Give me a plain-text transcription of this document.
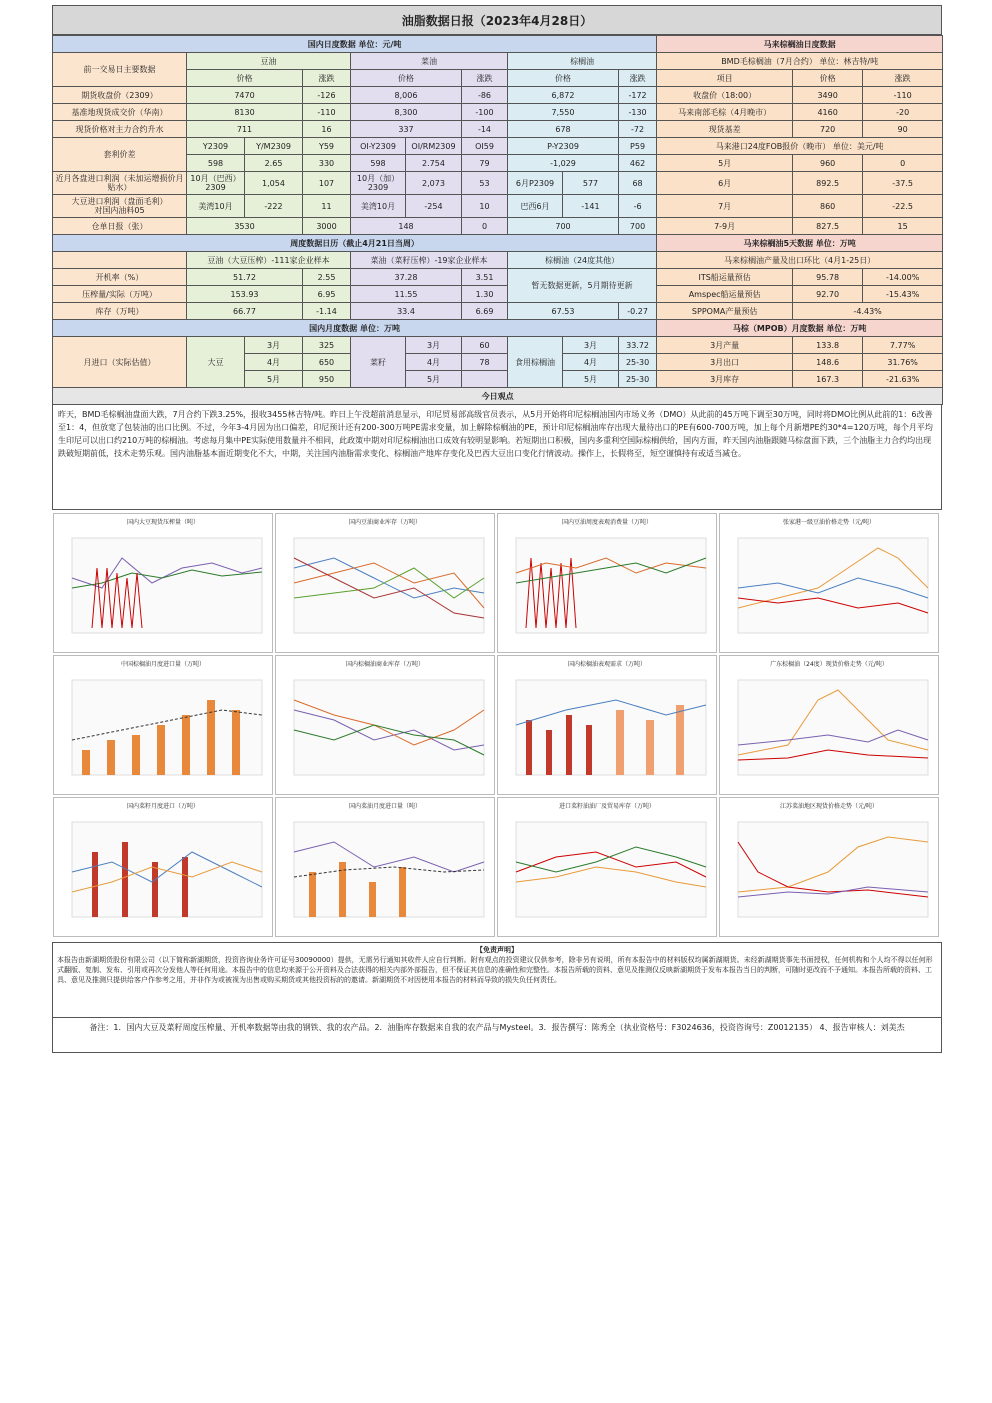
油脂数据日报（2023年4月28日）
国内日度数据 单位：元/吨										马来棕榈油日度数据		
前一交易日主要数据	豆油			菜油			棕榈油			BMD毛棕榈油（7月合约） 单位：林吉特/吨		
	价格		涨跌	价格		涨跌	价格		涨跌	项目	价格	涨跌
期货收盘价（2309）	7470		-126	8,006		-86	6,872		-172	收盘价（18:00）	3490	-110
基准地现货成交价（华南）	8130		-110	8,300		-100	7,550		-130	马来南部毛棕（4月晚市）	4160	-20
现货价格对主力合约升水	711		16	337		-14	678		-72	现货基差	720	90
套利价差	Y2309	Y/M2309	Y59	OI-Y2309	OI/RM2309	OI59	P-Y2309		P59	马来港口24度FOB报价（晚市） 单位：美元/吨		
	598	2.65	330	598	2.754	79	-1,029		462	5月	960	0
近月各盘进口利润（未加运增损价月贴水）	10月（巴西）2309	1,054	107	10月（加）2309	2,073	53	6月P2309	577	68	6月	892.5	-37.5
大豆进口利润（盘面毛利）
对国内油料05	美湾10月	-222	11	美湾10月	-254	10	巴西6月	-141	-6	7月	860	-22.5
仓单日报（张）	3530		3000	148		0	700		700	7-9月	827.5	15
周度数据日历（截止4月21日当周）										马来棕榈油5天数据 单位：万吨		
	豆油（大豆压榨）-111家企业样本			菜油（菜籽压榨）-19家企业样本			棕榈油（24度其他）			马来棕榈油产量及出口环比（4月1-25日）		
开机率（%）	51.72		2.55	37.28		3.51	暂无数据更新，5月期待更新			ITS船运量预估	95.78	-14.00%
压榨量/实际（万吨）	153.93		6.95	11.55		1.30				Amspec船运量预估	92.70	-15.43%
库存（万吨）	66.77		-1.14	33.4		6.69	67.53		-0.27	SPPOMA产量预估	-4.43%	
国内月度数据 单位：万吨										马棕（MPOB）月度数据 单位：万吨		
月进口（实际估值）	大豆	3月	325	菜籽	3月	60	食用棕榈油	3月	33.72	3月产量	133.8	7.77%
		4月	650		4月	78		4月	25-30	3月出口	148.6	31.76%
		5月	950		5月			5月	25-30	3月库存	167.3	-21.63%
今日观点												
昨天，BMD毛棕榈油盘面大跌，7月合约下跌3.25%，报收3455林吉特/吨。昨日上午没超前消息显示，印尼贸易部高级官员表示，从5月开始将印尼棕榈油国内市场义务（DMO）从此前的45万吨下调至30万吨，同时将DMO比例从此前的1：6改善至1：4，但放宽了包装油的出口比例。不过，今年3-4月因为出口偏差，印尼预计还有200-300万吨PE需求变量，加上解除棕榈油的PE，预计印尼棕榈油库存出现大量待出口的PE有600-700万吨，加上每个月新增PE约30*4=120万吨，每个月平均生印尼可以出口约210万吨的棕榈油。考虑每月集中PE实际使用数量并不相同，此政策中期对印尼棕榈油出口成效有较明显影响。若短期出口积极，国内多重利空国际棕榈供给，国内方面，昨天国内油脂跟随马棕盘面下跌，三个油脂主力合约均出现跌破短期前低，技术走势乐观。国内油脂基本面近期变化不大，中期，关注国内油脂需求变化、棕榈油产地库存变化及巴西大豆出口变化行情波动。操作上，长假将至，短空谨慎持有或适当减仓。
国内大豆现货压榨量（吨）	国内豆油商业库存（万吨）	国内豆油周度表观消费量（万吨）	张家港一级豆油价格走势（元/吨）
中国棕榈油月度进口量（万吨）	国内棕榈油商业库存（万吨）	国内棕榈油表观需求（万吨）	广东棕榈油（24度）现货价格走势（元/吨）
国内菜籽月度进口（万吨）	国内菜油月度进口量（吨）	进口菜籽油油厂及贸易库存（万吨）	江苏菜油地区现货价格走势（元/吨）
【免责声明】
本报告由新湖期货股份有限公司（以下简称新湖期货，投资咨询业务许可证号30090000）提供，无需另行通知其收件人应自行判断。附有观点的投资建议仅供参考，除非另有说明，所有本报告中的材料版权均属新湖期货。未经新湖期货事先书面授权，任何机构和个人均不得以任何形式翻版、复制、发布、引用或再次分发他人等任何用途。本报告中的信息均来源于公开资料及合法获得的相关内部外部报告，但不保证其信息的准确性和完整性。本报告所载的资料、意见及推测仅反映新湖期货于发布本报告当日的判断，可随时更改而不予通知。本报告所载的资料、工具、意见及推测只提供给客户作参考之用，并非作为或被视为出售或购买期货或其他投资标的的邀请。新湖期货不对因使用本报告的材料而导致的损失负任何责任。
备注：1．国内大豆及菜籽周度压榨量、开机率数据等由我的钢铁、我的农产品。2．油脂库存数据来自我的农产品与Mysteel。3．报告撰写：陈秀全（执业资格号：F3024636，投资咨询号：Z0012135） 4、报告审核人：刘美杰
